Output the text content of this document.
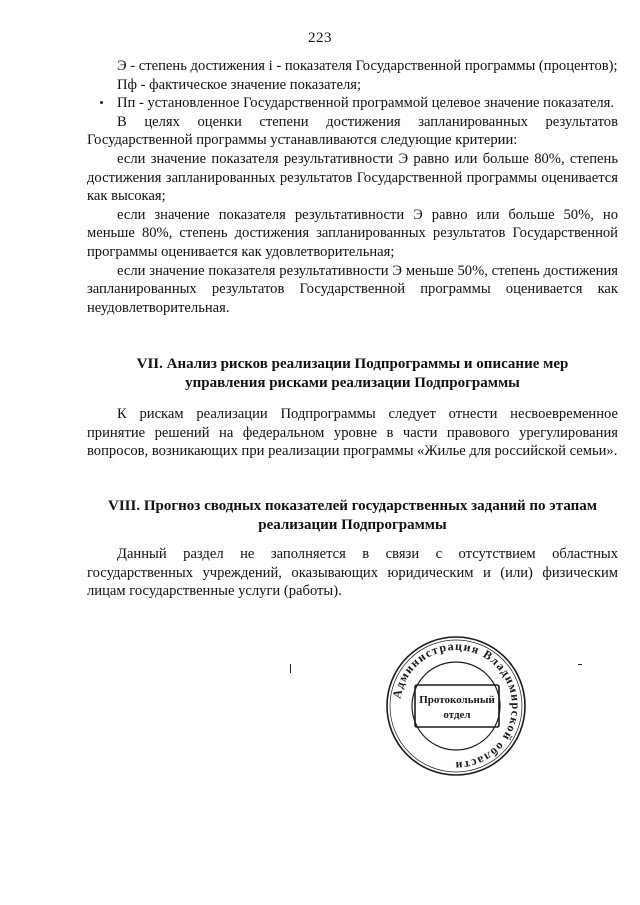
223

Э - степень достижения i - показателя Государственной программы (процентов);

Пф - фактическое значение показателя;

Пп - установленное Государственной программой целевое значение показателя.

В целях оценки степени достижения запланированных результатов Государственной программы устанавливаются следующие критерии:

если значение показателя результативности Э равно или больше 80%, степень достижения запланированных результатов Государственной программы оценивается как высокая;

если значение показателя результативности Э равно или больше 50%, но меньше 80%, степень достижения запланированных результатов Государственной программы оценивается как удовлетворительная;

если значение показателя результативности Э меньше 50%, степень достижения запланированных результатов Государственной программы оценивается как неудовлетворительная.

VII. Анализ рисков реализации Подпрограммы и описание мер
управления рисками реализации Подпрограммы

К рискам реализации Подпрограммы следует отнести несвоевременное принятие решений на федеральном уровне в части правового урегулирования вопросов, возникающих при реализации программы «Жилье для российской семьи».

VIII. Прогноз сводных показателей государственных заданий по этапам
реализации Подпрограммы

Данный раздел не заполняется в связи с отсутствием областных государственных учреждений, оказывающих юридическим и (или) физическим лицам государственные услуги (работы).

Администрация Владимирской области
Протокольный
отдел
